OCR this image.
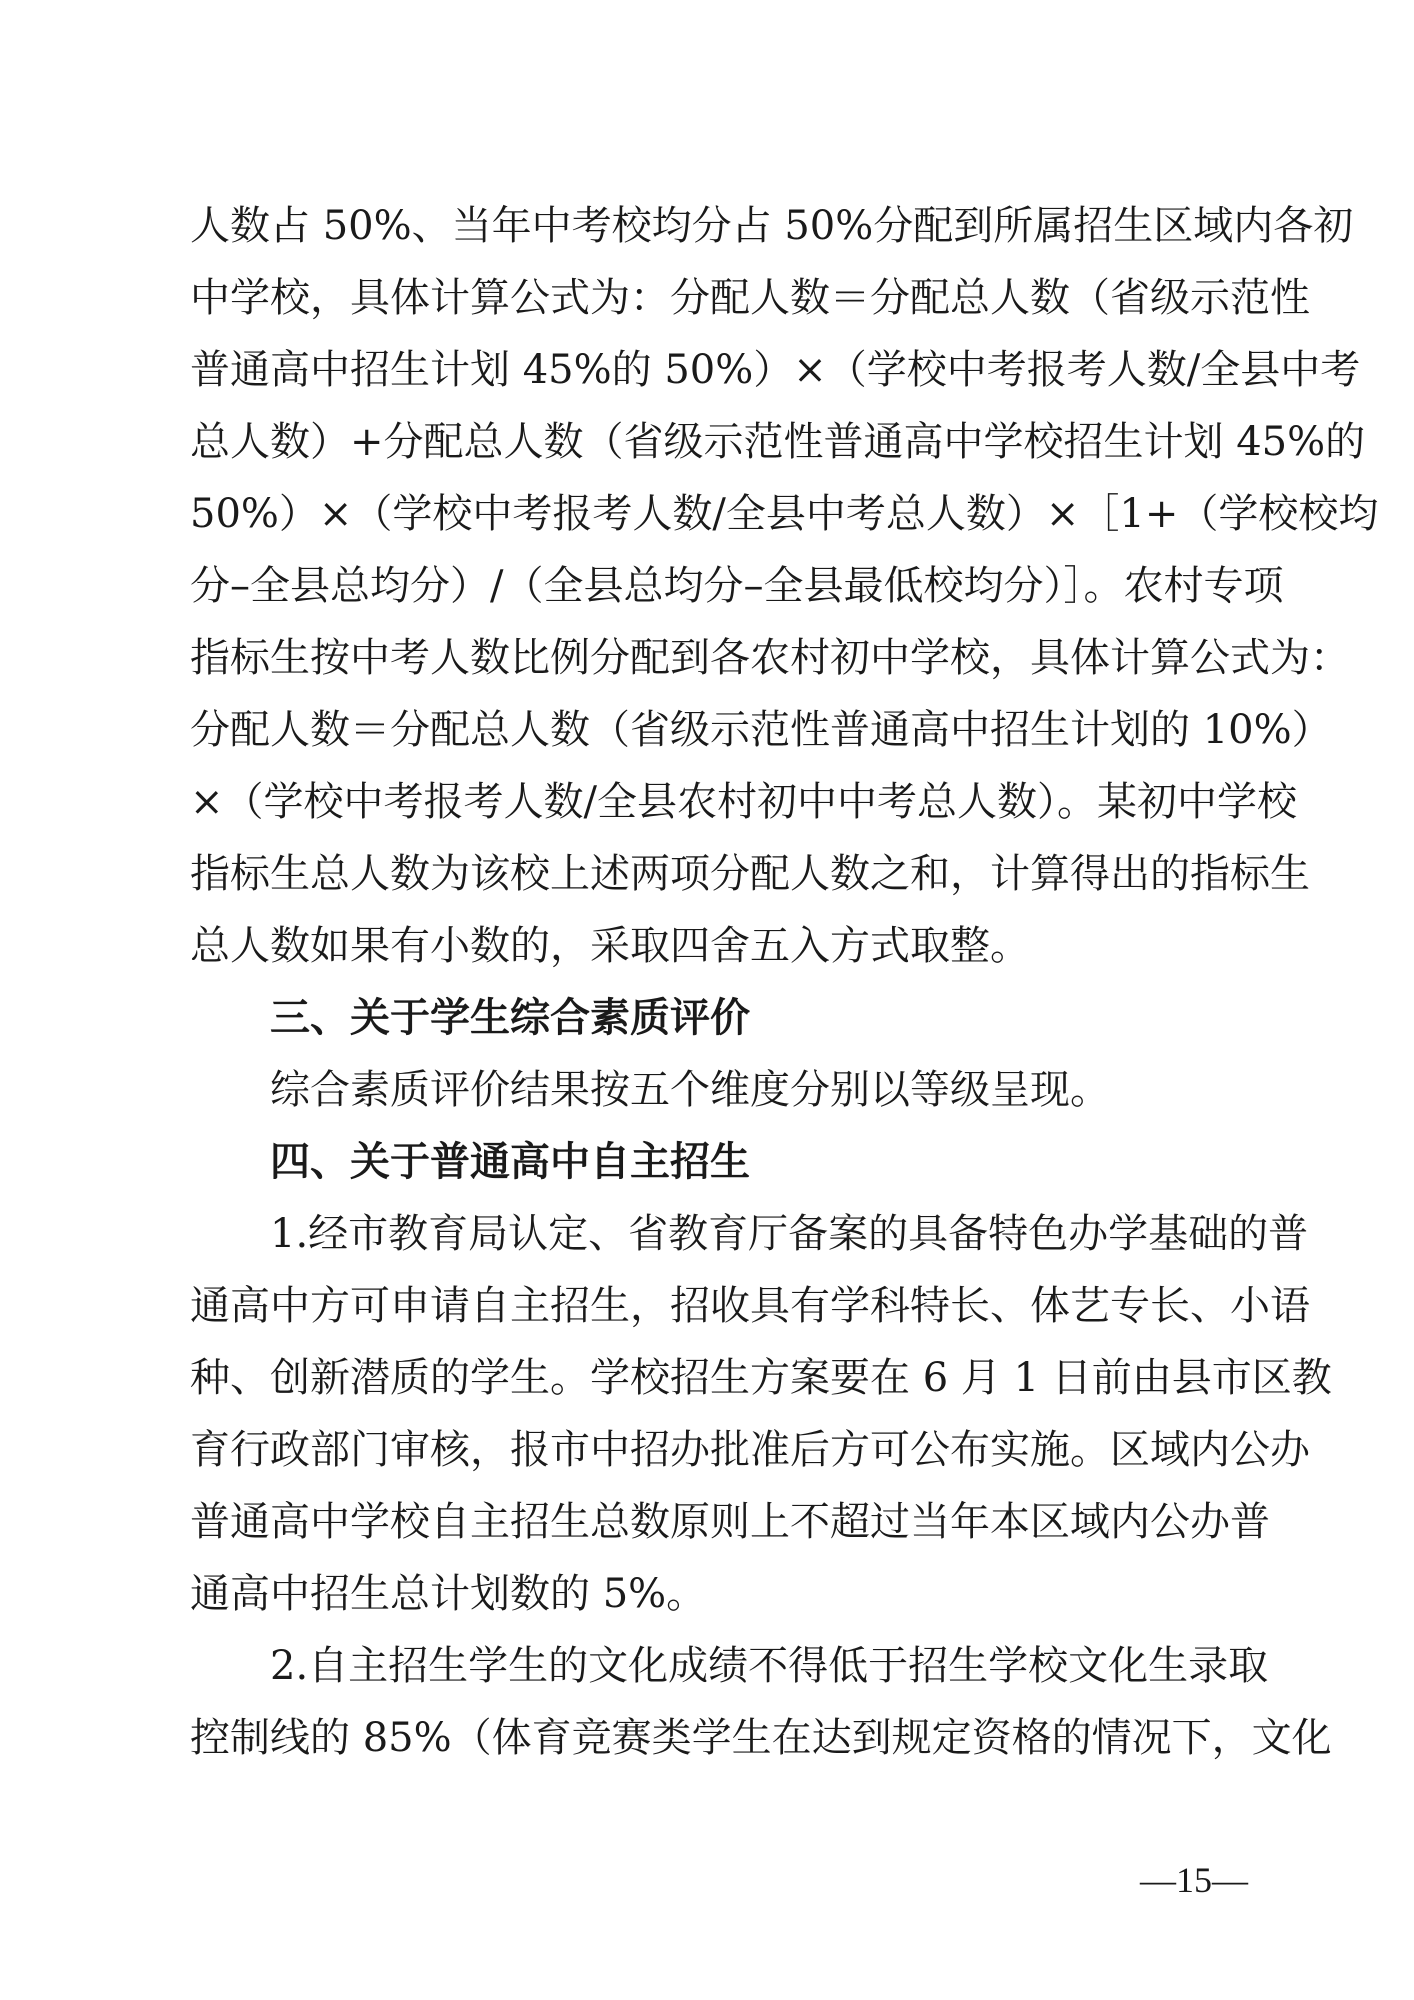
人数占 50%、当年中考校均分占 50%分配到所属招生区域内各初
中学校，具体计算公式为：分配人数＝分配总人数（省级示范性
普通高中招生计划 45%的 50%）×（学校中考报考人数/全县中考
总人数）+分配总人数（省级示范性普通高中学校招生计划 45%的
50%）×（学校中考报考人数/全县中考总人数）×［1+（学校校均
分–全县总均分）/（全县总均分–全县最低校均分）］。农村专项
指标生按中考人数比例分配到各农村初中学校，具体计算公式为：
分配人数＝分配总人数（省级示范性普通高中招生计划的 10%）
×（学校中考报考人数/全县农村初中中考总人数）。某初中学校
指标生总人数为该校上述两项分配人数之和，计算得出的指标生
总人数如果有小数的，采取四舍五入方式取整。
三、关于学生综合素质评价
综合素质评价结果按五个维度分别以等级呈现。
四、关于普通高中自主招生
1.经市教育局认定、省教育厅备案的具备特色办学基础的普
通高中方可申请自主招生，招收具有学科特长、体艺专长、小语
种、创新潜质的学生。学校招生方案要在 6 月 1 日前由县市区教
育行政部门审核，报市中招办批准后方可公布实施。区域内公办
普通高中学校自主招生总数原则上不超过当年本区域内公办普
通高中招生总计划数的 5%。
2.自主招生学生的文化成绩不得低于招生学校文化生录取
控制线的 85%（体育竞赛类学生在达到规定资格的情况下，文化
—15—
